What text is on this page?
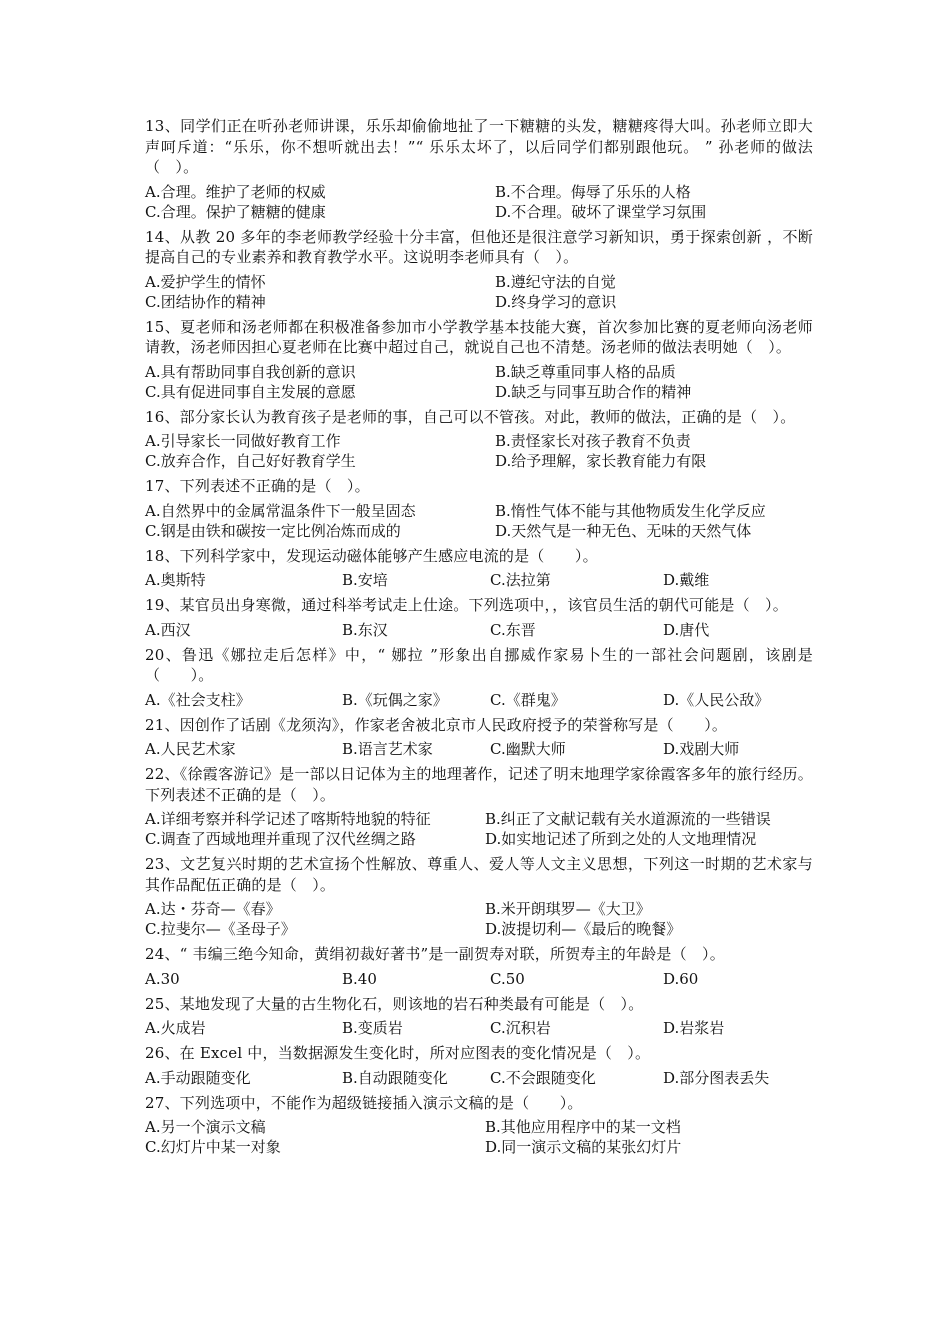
13、同学们正在听孙老师讲课，乐乐却偷偷地扯了一下糖糖的头发，糖糖疼得大叫。孙老师立即大声呵斥道：“乐乐，你不想听就出去！”“ 乐乐太坏了，以后同学们都别跟他玩。 ” 孙老师的做法（　）。

A.合理。维护了老师的权威	B.不合理。侮辱了乐乐的人格
C.合理。保护了糖糖的健康	D.不合理。破坏了课堂学习氛围

14、从教 20 多年的李老师教学经验十分丰富，但他还是很注意学习新知识，勇于探索创新 ，不断提高自己的专业素养和教育教学水平。这说明李老师具有（　）。

A.爱护学生的情怀	B.遵纪守法的自觉
C.团结协作的精神	D.终身学习的意识

15、夏老师和汤老师都在积极准备参加市小学教学基本技能大赛，首次参加比赛的夏老师向汤老师请教，汤老师因担心夏老师在比赛中超过自己，就说自己也不清楚。汤老师的做法表明她（　）。

A.具有帮助同事自我创新的意识	B.缺乏尊重同事人格的品质
C.具有促进同事自主发展的意愿	D.缺乏与同事互助合作的精神

16、部分家长认为教育孩子是老师的事，自己可以不管孩。对此，教师的做法，正确的是（　）。

A.引导家长一同做好教育工作	B.责怪家长对孩子教育不负责
C.放弃合作，自己好好教育学生	D.给予理解，家长教育能力有限

17、下列表述不正确的是（　）。

A.自然界中的金属常温条件下一般呈固态	B.惰性气体不能与其他物质发生化学反应
C.钢是由铁和碳按一定比例冶炼而成的	D.天然气是一种无色、无味的天然气体

18、下列科学家中，发现运动磁体能够产生感应电流的是（　　）。

A.奥斯特	B.安培	C.法拉第	D.戴维

19、某官员出身寒微，通过科举考试走上仕途。下列选项中，，该官员生活的朝代可能是（　）。

A.西汉	B.东汉	C.东晋	D.唐代

20、鲁迅《娜拉走后怎样》中，“ 娜拉 ”形象出自挪威作家易卜生的一部社会问题剧，该剧是（　　）。

A.《社会支柱》	B.《玩偶之家》	C.《群鬼》	D.《人民公敌》

21、因创作了话剧《龙须沟》，作家老舍被北京市人民政府授予的荣誉称写是（　　）。

A.人民艺术家	B.语言艺术家	C.幽默大师	D.戏剧大师

22、《徐霞客游记》是一部以日记体为主的地理著作，记述了明末地理学家徐霞客多年的旅行经历。下列表述不正确的是（　）。

A.详细考察并科学记述了喀斯特地貌的特征	B.纠正了文献记载有关水道源流的一些错误
C.调查了西域地理并重现了汉代丝绸之路	D.如实地记述了所到之处的人文地理情况

23、文艺复兴时期的艺术宣扬个性解放、尊重人、爱人等人文主义思想，下列这一时期的艺术家与其作品配伍正确的是（　）。

A.达・芬奇—《春》	B.米开朗琪罗—《大卫》
C.拉斐尔—《圣母子》	D.波提切利—《最后的晚餐》

24、“ 韦编三绝今知命，黄绢初裁好著书”是一副贺寿对联，所贺寿主的年龄是（　）。

A.30	B.40	C.50	D.60

25、某地发现了大量的古生物化石，则该地的岩石种类最有可能是（　）。

A.火成岩	B.变质岩	C.沉积岩	D.岩浆岩

26、在 Excel 中，当数据源发生变化时，所对应图表的变化情况是（　）。

A.手动跟随变化	B.自动跟随变化	C.不会跟随变化	D.部分图表丢失

27、下列选项中，不能作为超级链接插入演示文稿的是（　　）。

A.另一个演示文稿	B.其他应用程序中的某一文档
C.幻灯片中某一对象	D.同一演示文稿的某张幻灯片
